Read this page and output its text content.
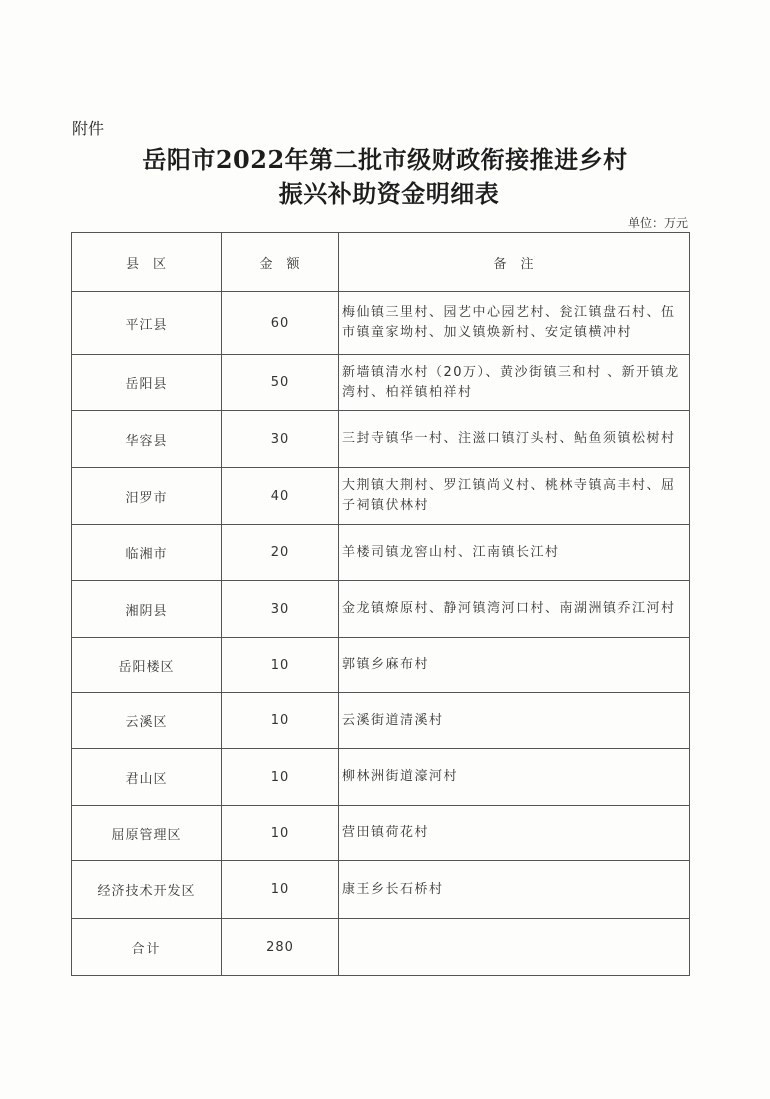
附件
岳阳市2022年第二批市级财政衔接推进乡村
振兴补助资金明细表
单位：万元
县区	金额	备注
平江县	60	梅仙镇三里村、园艺中心园艺村、瓮江镇盘石村、伍市镇童家坳村、加义镇焕新村、安定镇横冲村
岳阳县	50	新墙镇清水村（20万）、黄沙街镇三和村 、新开镇龙湾村、柏祥镇柏祥村
华容县	30	三封寺镇华一村、注滋口镇汀头村、鲇鱼须镇松树村
汨罗市	40	大荆镇大荆村、罗江镇尚义村、桃林寺镇高丰村、屈子祠镇伏林村
临湘市	20	羊楼司镇龙窖山村、江南镇长江村
湘阴县	30	金龙镇燎原村、静河镇湾河口村、南湖洲镇乔江河村
岳阳楼区	10	郭镇乡麻布村
云溪区	10	云溪街道清溪村
君山区	10	柳林洲街道濠河村
屈原管理区	10	营田镇荷花村
经济技术开发区	10	康王乡长石桥村
合计	280	
